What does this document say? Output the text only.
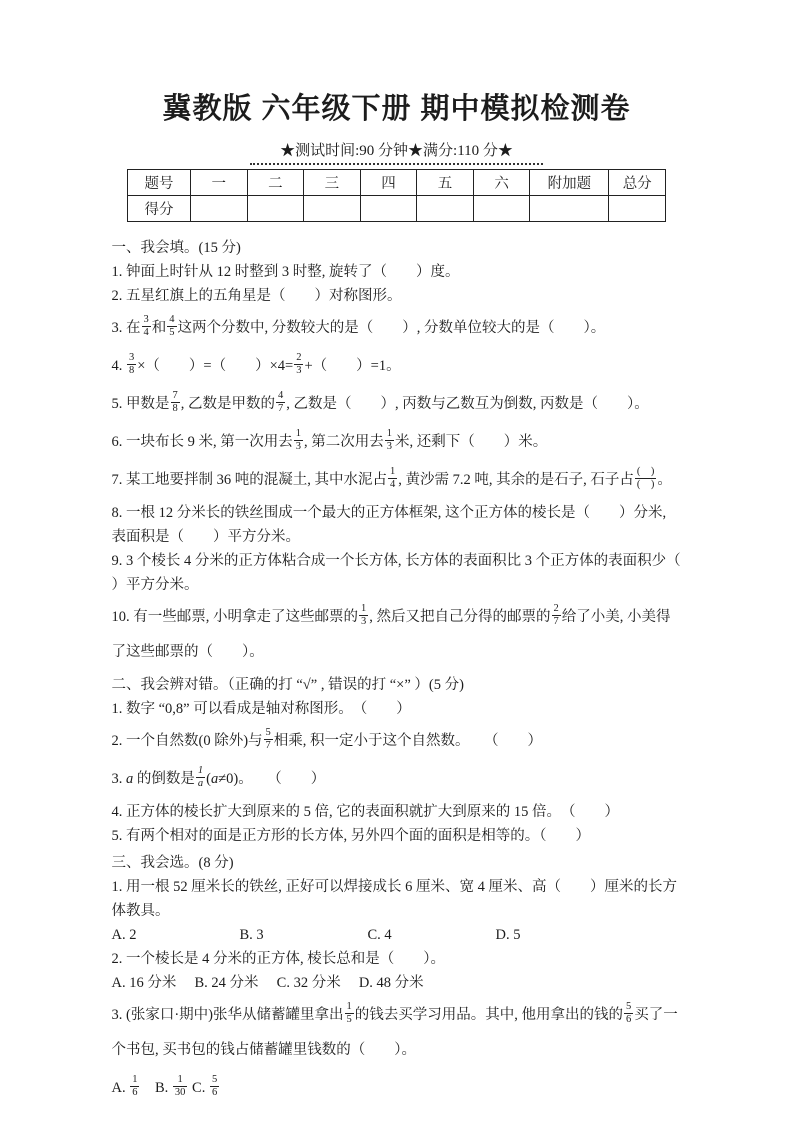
冀教版 六年级下册 期中模拟检测卷
★测试时间:90 分钟★满分:110 分★
题号	一	二	三	四	五	六	附加题	总分
得分								
一、我会填。(15 分)
1. 钟面上时针从 12 时整到 3 时整, 旋转了（　　）度。
2. 五星红旗上的五角星是（　　）对称图形。
3. 在 $\frac{3}{4}$ 和 $\frac{4}{5}$ 这两个分数中, 分数较大的是（　　）, 分数单位较大的是（　　）。
4. $\frac{3}{8}$ ×（　　）=（　　）$\times 4= \frac{2}{3}$ +（　　）=1。
5. 甲数是 $\frac{7}{8}$ , 乙数是甲数的 $\frac{4}{7}$ , 乙数是（　　）, 丙数与乙数互为倒数, 丙数是（　　）。
6. 一块布长 9 米, 第一次用去 $\frac{1}{3}$ , 第二次用去 $\frac{1}{3}$ 米, 还剩下（　　）米。
7. 某工地要拌制 36 吨的混凝土, 其中水泥占 $\frac{1}{4}$ , 黄沙需 7.2 吨, 其余的是石子, 石子占 $\frac{( )}{( )}$ 。
8. 一根 12 分米长的铁丝围成一个最大的正方体框架, 这个正方体的棱长是（　　）分米, 表面积是（　　）平方分米。
9. 3 个棱长 4 分米的正方体粘合成一个长方体, 长方体的表面积比 3 个正方体的表面积少（　　）平方分米。
10. 有一些邮票, 小明拿走了这些邮票的 $\frac{1}{3}$ , 然后又把自己分得的邮票的 $\frac{2}{7}$ 给了小美, 小美得了这些邮票的（　　）。
二、我会辨对错。（正确的打 “√” , 错误的打 “×” ）(5 分)
1. 数字 “0,8” 可以看成是轴对称图形。　（　　）
2. 一个自然数(0 除外)与 $\frac{5}{7}$ 相乘, 积一定小于这个自然数。　　（　　）
3. a 的倒数是 $\frac{1}{a} (a\ne 0)$。　　（　　）
4. 正方体的棱长扩大到原来的 5 倍, 它的表面积就扩大到原来的 15 倍。　（　　）
5. 有两个相对的面是正方形的长方体, 另外四个面的面积是相等的。（　　）
三、我会选。(8 分)
1. 用一根 52 厘米长的铁丝, 正好可以焊接成长 6 厘米、宽 4 厘米、高（　　）厘米的长方体教具。
A. 2	B. 3	C. 4	D. 5
2. 一个棱长是 4 分米的正方体, 棱长总和是（　　）。
A. 16 分米　 B. 24 分米　 C. 32 分米　 D. 48 分米
3. (张家口·期中)张华从储蓄罐里拿出 $\frac{1}{5}$ 的钱去买学习用品。其中, 他用拿出的钱的 $\frac{5}{6}$ 买了一个书包, 买书包的钱占储蓄罐里钱数的（　　）。
A. $\frac{1}{6}$ 　B. $\frac{1}{30} C$. $\frac{5}{6}$
